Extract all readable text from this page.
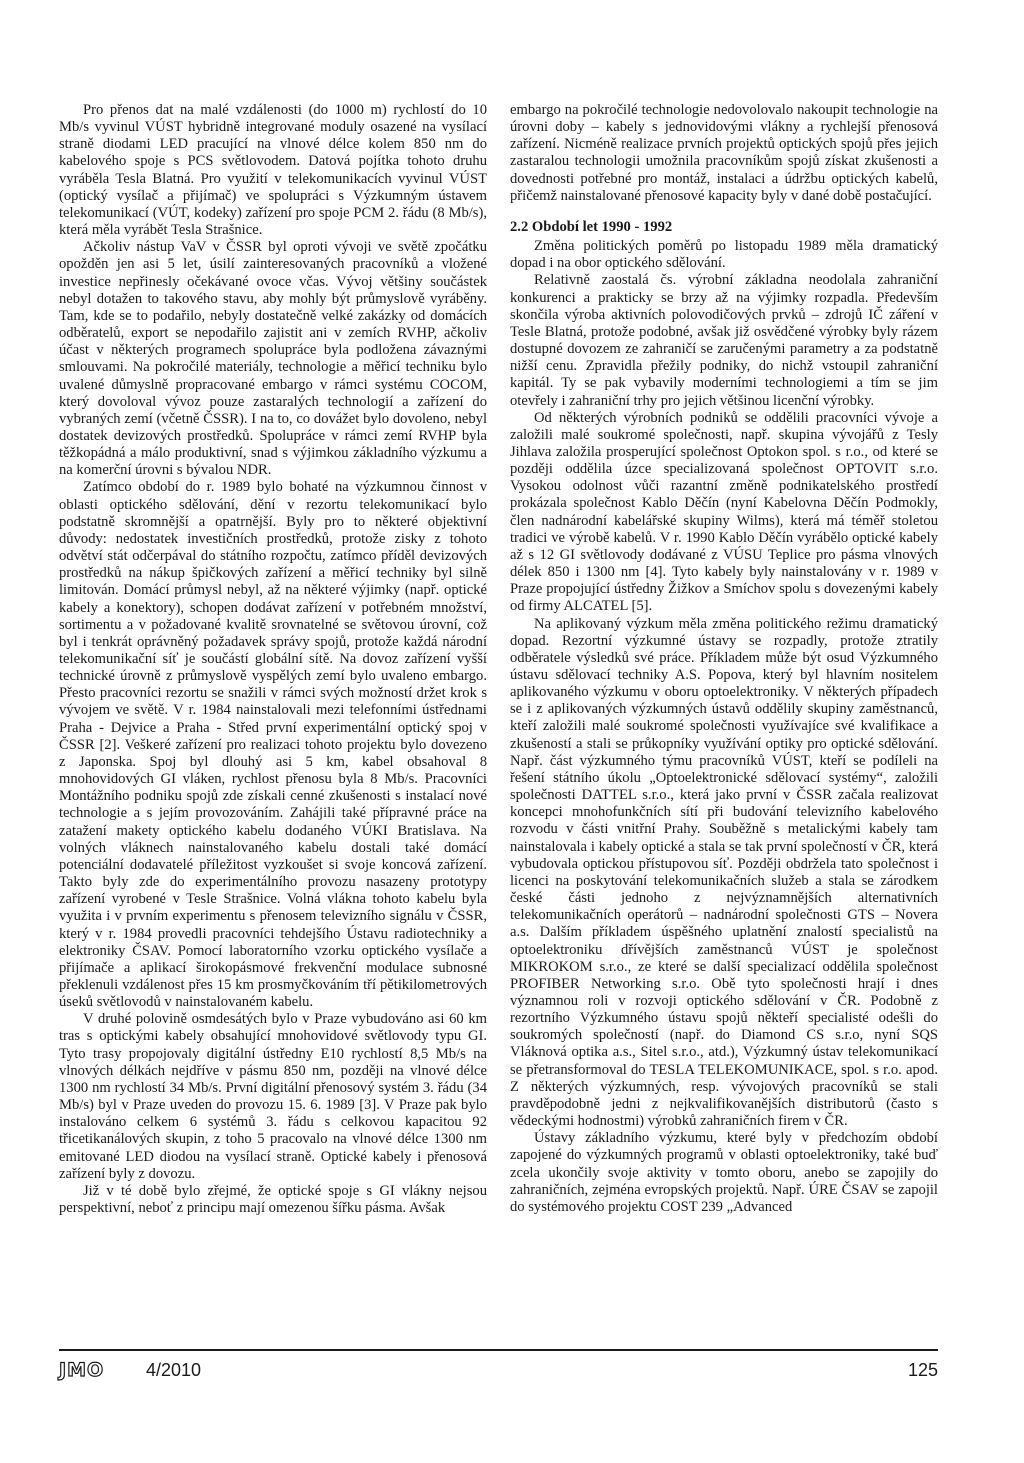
Pro přenos dat na malé vzdálenosti (do 1000 m) rychlostí do 10 Mb/s vyvinul VÚST hybridně integrované moduly osazené na vysílací straně diodami LED pracující na vlnové délce kolem 850 nm do kabelového spoje s PCS světlovodem. Datová pojítka tohoto druhu vyráběla Tesla Blatná. Pro využití v telekomunikacích vyvinul VÚST (optický vysílač a přijímač) ve spolupráci s Výzkumným ústavem telekomunikací (VÚT, kodeky) zařízení pro spoje PCM 2. řádu (8 Mb/s), která měla vyrábět Tesla Strašnice.

Ačkoliv nástup VaV v ČSSR byl oproti vývoji ve světě zpočátku opožděn jen asi 5 let, úsilí zainteresovaných pracovníků a vložené investice nepřinesly očekávané ovoce včas. Vývoj většiny součástek nebyl dotažen to takového stavu, aby mohly být průmyslově vyráběny. Tam, kde se to podařilo, nebyly dostatečně velké zakázky od domácích odběratelů, export se nepodařilo zajistit ani v zemích RVHP, ačkoliv účast v některých programech spolupráce byla podložena závaznými smlouvami. Na pokročilé materiály, technologie a měřicí techniku bylo uvalené důmyslně propracované embargo v rámci systému COCOM, který dovoloval vývoz pouze zastaralých technologií a zařízení do vybraných zemí (včetně ČSSR). I na to, co dovážet bylo dovoleno, nebyl dostatek devizových prostředků. Spolupráce v rámci zemí RVHP byla těžkopádná a málo produktivní, snad s výjimkou základního výzkumu a na komerční úrovni s bývalou NDR.

Zatímco období do r. 1989 bylo bohaté na výzkumnou činnost v oblasti optického sdělování, dění v rezortu telekomunikací bylo podstatně skromnější a opatrnější. Byly pro to některé objektivní důvody: nedostatek investičních prostředků, protože zisky z tohoto odvětví stát odčerpával do státního rozpočtu, zatímco příděl devizových prostředků na nákup špičkových zařízení a měřicí techniky byl silně limitován. Domácí průmysl nebyl, až na některé výjimky (např. optické kabely a konektory), schopen dodávat zařízení v potřebném množství, sortimentu a v požadované kvalitě srovnatelné se světovou úrovní, což byl i tenkrát oprávněný požadavek správy spojů, protože každá národní telekomunikační síť je součástí globální sítě. Na dovoz zařízení vyšší technické úrovně z průmyslově vyspělých zemí bylo uvaleno embargo. Přesto pracovníci rezortu se snažili v rámci svých možností držet krok s vývojem ve světě. V r. 1984 nainstalovali mezi telefonními ústřednami Praha - Dejvice a Praha - Střed první experimentální optický spoj v ČSSR [2]. Veškeré zařízení pro realizaci tohoto projektu bylo dovezeno z Japonska. Spoj byl dlouhý asi 5 km, kabel obsahoval 8 mnohovidových GI vláken, rychlost přenosu byla 8 Mb/s. Pracovníci Montážního podniku spojů zde získali cenné zkušenosti s instalací nové technologie a s jejím provozováním. Zahájili také přípravné práce na zatažení makety optického kabelu dodaného VÚKI Bratislava. Na volných vláknech nainstalovaného kabelu dostali také domácí potenciální dodavatelé příležitost vyzkoušet si svoje koncová zařízení. Takto byly zde do experimentálního provozu nasazeny prototypy zařízení vyrobené v Tesle Strašnice. Volná vlákna tohoto kabelu byla využita i v prvním experimentu s přenosem televizního signálu v ČSSR, který v r. 1984 provedli pracovníci tehdejšího Ústavu radiotechniky a elektroniky ČSAV. Pomocí laboratorního vzorku optického vysílače a přijímače a aplikací širokopásmové frekvenční modulace subnosné překlenuli vzdálenost přes 15 km prosmyčkováním tří pětikilometrových úseků světlovodů v nainstalovaném kabelu.

V druhé polovině osmdesátých bylo v Praze vybudováno asi 60 km tras s optickými kabely obsahující mnohovidové světlovody typu GI. Tyto trasy propojovaly digitální ústředny E10 rychlostí 8,5 Mb/s na vlnových délkách nejdříve v pásmu 850 nm, později na vlnové délce 1300 nm rychlostí 34 Mb/s. První digitální přenosový systém 3. řádu (34 Mb/s) byl v Praze uveden do provozu 15. 6. 1989 [3]. V Praze pak bylo instalováno celkem 6 systémů 3. řádu s celkovou kapacitou 92 třicetikanálových skupin, z toho 5 pracovalo na vlnové délce 1300 nm emitované LED diodou na vysílací straně. Optické kabely i přenosová zařízení byly z dovozu.

Již v té době bylo zřejmé, že optické spoje s GI vlákny nejsou perspektivní, neboť z principu mají omezenou šířku pásma. Avšak

embargo na pokročilé technologie nedovolovalo nakoupit technologie na úrovni doby – kabely s jednovidovými vlákny a rychlejší přenosová zařízení. Nicméně realizace prvních projektů optických spojů přes jejich zastaralou technologii umožnila pracovníkům spojů získat zkušenosti a dovednosti potřebné pro montáž, instalaci a údržbu optických kabelů, přičemž nainstalované přenosové kapacity byly v dané době postačující.

2.2 Období let 1990 - 1992

Změna politických poměrů po listopadu 1989 měla dramatický dopad i na obor optického sdělování.

Relativně zaostalá čs. výrobní základna neodolala zahraniční konkurenci a prakticky se brzy až na výjimky rozpadla. Především skončila výroba aktivních polovodičových prvků – zdrojů IČ záření v Tesle Blatná, protože podobné, avšak již osvědčené výrobky byly rázem dostupné dovozem ze zahraničí se zaručenými parametry a za podstatně nižší cenu. Zpravidla přežily podniky, do nichž vstoupil zahraniční kapitál. Ty se pak vybavily moderními technologiemi a tím se jim otevřely i zahraniční trhy pro jejich většinou licenční výrobky.

Od některých výrobních podniků se oddělili pracovníci vývoje a založili malé soukromé společnosti, např. skupina vývojářů z Tesly Jihlava založila prosperující společnost Optokon spol. s r.o., od které se později oddělila úzce specializovaná společnost OPTOVIT s.r.o. Vysokou odolnost vůči razantní změně podnikatelského prostředí prokázala společnost Kablo Děčín (nyní Kabelovna Děčín Podmokly, člen nadnárodní kabelářské skupiny Wilms), která má téměř stoletou tradici ve výrobě kabelů. V r. 1990 Kablo Děčín vyrábělo optické kabely až s 12 GI světlovody dodávané z VÚSU Teplice pro pásma vlnových délek 850 i 1300 nm [4]. Tyto kabely byly nainstalovány v r. 1989 v Praze propojující ústředny Žižkov a Smíchov spolu s dovezenými kabely od firmy ALCATEL [5].

Na aplikovaný výzkum měla změna politického režimu dramatický dopad. Rezortní výzkumné ústavy se rozpadly, protože ztratily odběratele výsledků své práce. Příkladem může být osud Výzkumného ústavu sdělovací techniky A.S. Popova, který byl hlavním nositelem aplikovaného výzkumu v oboru optoelektroniky. V některých případech se i z aplikovaných výzkumných ústavů oddělily skupiny zaměstnanců, kteří založili malé soukromé společnosti využívajíce své kvalifikace a zkušeností a stali se průkopníky využívání optiky pro optické sdělování. Např. část výzkumného týmu pracovníků VÚST, kteří se podíleli na řešení státního úkolu „Optoelektronické sdělovací systémy“, založili společnosti DATTEL s.r.o., která jako první v ČSSR začala realizovat koncepci mnohofunkčních sítí při budování televizního kabelového rozvodu v části vnitřní Prahy. Souběžně s metalickými kabely tam nainstalovala i kabely optické a stala se tak první společností v ČR, která vybudovala optickou přístupovou síť. Později obdržela tato společnost i licenci na poskytování telekomunikačních služeb a stala se zárodkem české části jednoho z nejvýznamnějších alternativních telekomunikačních operátorů – nadnárodní společnosti GTS – Novera a.s. Dalším příkladem úspěšného uplatnění znalostí specialistů na optoelektroniku dřívějších zaměstnanců VÚST je společnost MIKROKOM s.r.o., ze které se další specializací oddělila společnost PROFIBER Networking s.r.o. Obě tyto společnosti hrají i dnes významnou roli v rozvoji optického sdělování v ČR. Podobně z rezortního Výzkumného ústavu spojů někteří specialisté odešli do soukromých společností (např. do Diamond CS s.r.o, nyní SQS Vláknová optika a.s., Sitel s.r.o., atd.), Výzkumný ústav telekomunikací se přetransformoval do TESLA TELEKOMUNIKACE, spol. s r.o. apod. Z některých výzkumných, resp. vývojových pracovníků se stali pravděpodobně jedni z nejkvalifikovanějších distributorů (často s vědeckými hodnostmi) výrobků zahraničních firem v ČR.

Ústavy základního výzkumu, které byly v předchozím období zapojené do výzkumných programů v oblasti optoelektroniky, také buď zcela ukončily svoje aktivity v tomto oboru, anebo se zapojily do zahraničních, zejména evropských projektů. Např. ÚRE ČSAV se zapojil do systémového projektu COST 239 „Advanced

JMO 4/2010	125
